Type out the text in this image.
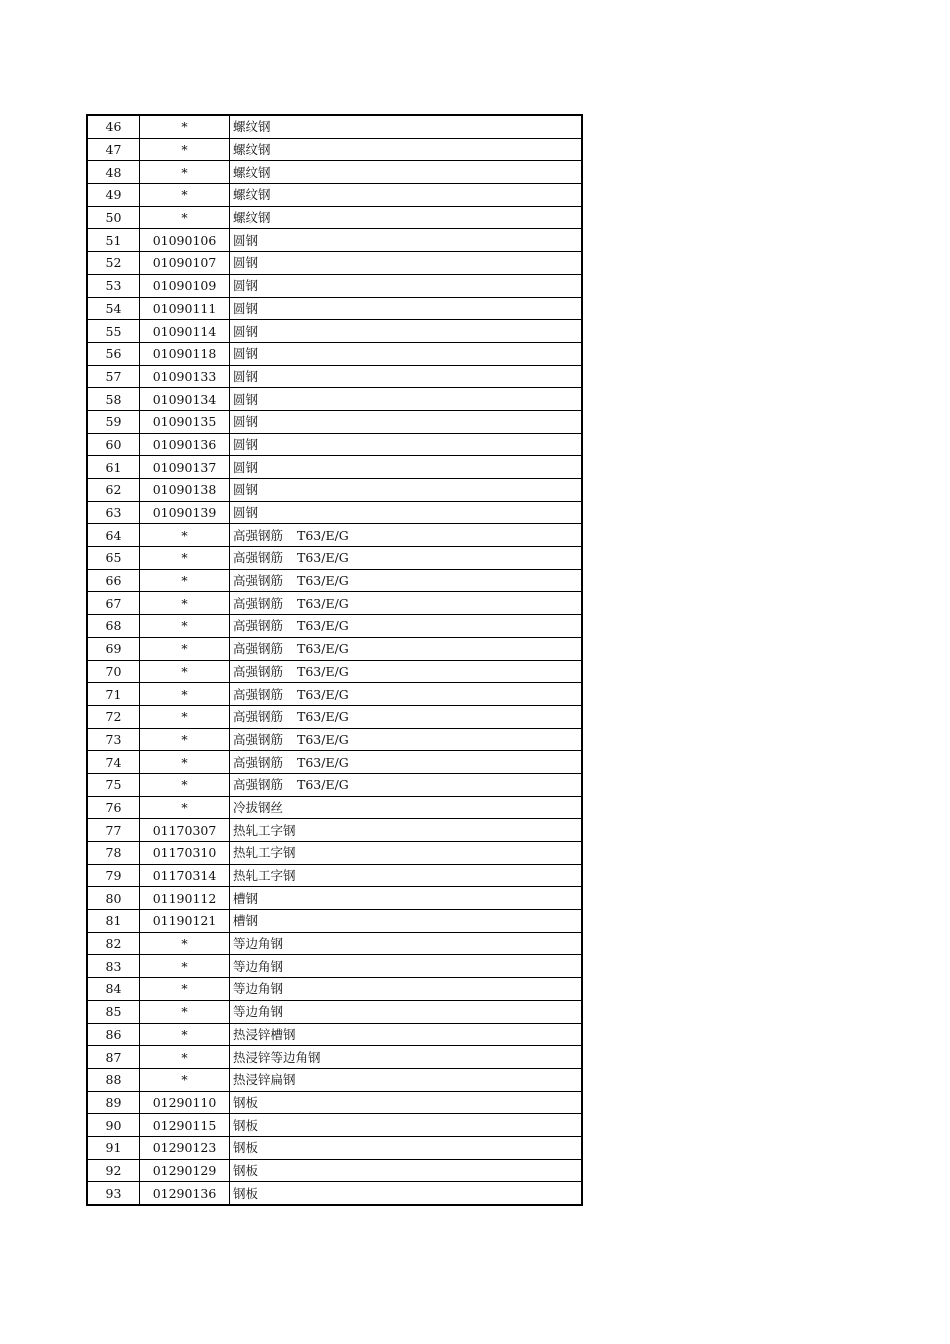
46	*	螺纹钢
47	*	螺纹钢
48	*	螺纹钢
49	*	螺纹钢
50	*	螺纹钢
51	01090106	圆钢
52	01090107	圆钢
53	01090109	圆钢
54	01090111	圆钢
55	01090114	圆钢
56	01090118	圆钢
57	01090133	圆钢
58	01090134	圆钢
59	01090135	圆钢
60	01090136	圆钢
61	01090137	圆钢
62	01090138	圆钢
63	01090139	圆钢
64	*	高强钢筋 T63/E/G
65	*	高强钢筋 T63/E/G
66	*	高强钢筋 T63/E/G
67	*	高强钢筋 T63/E/G
68	*	高强钢筋 T63/E/G
69	*	高强钢筋 T63/E/G
70	*	高强钢筋 T63/E/G
71	*	高强钢筋 T63/E/G
72	*	高强钢筋 T63/E/G
73	*	高强钢筋 T63/E/G
74	*	高强钢筋 T63/E/G
75	*	高强钢筋 T63/E/G
76	*	冷拔钢丝
77	01170307	热轧工字钢
78	01170310	热轧工字钢
79	01170314	热轧工字钢
80	01190112	槽钢
81	01190121	槽钢
82	*	等边角钢
83	*	等边角钢
84	*	等边角钢
85	*	等边角钢
86	*	热浸锌槽钢
87	*	热浸锌等边角钢
88	*	热浸锌扁钢
89	01290110	钢板
90	01290115	钢板
91	01290123	钢板
92	01290129	钢板
93	01290136	钢板
